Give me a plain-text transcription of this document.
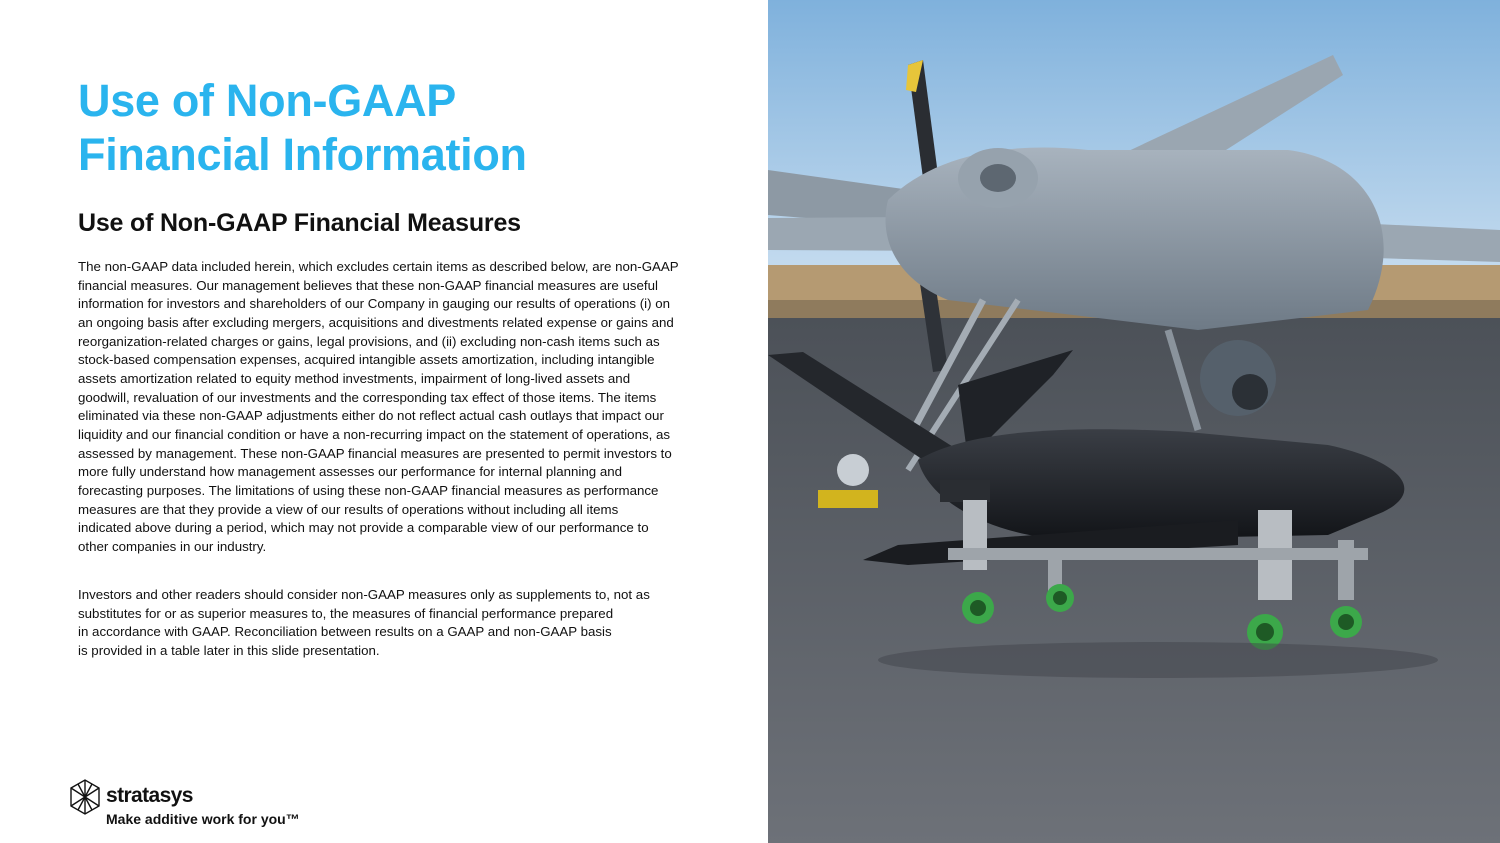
Use of Non-GAAP
Financial Information
Use of Non-GAAP Financial Measures

The non-GAAP data included herein, which excludes certain items as described below, are non-GAAP
financial measures. Our management believes that these non-GAAP financial measures are useful
information for investors and shareholders of our Company in gauging our results of operations (i) on
an ongoing basis after excluding mergers, acquisitions and divestments related expense or gains and
reorganization-related charges or gains, legal provisions, and (ii) excluding non-cash items such as
stock-based compensation expenses, acquired intangible assets amortization, including intangible
assets amortization related to equity method investments, impairment of long-lived assets and
goodwill, revaluation of our investments and the corresponding tax effect of those items. The items
eliminated via these non-GAAP adjustments either do not reflect actual cash outlays that impact our
liquidity and our financial condition or have a non-recurring impact on the statement of operations, as
assessed by management. These non-GAAP financial measures are presented to permit investors to
more fully understand how management assesses our performance for internal planning and
forecasting purposes. The limitations of using these non-GAAP financial measures as performance
measures are that they provide a view of our results of operations without including all items
indicated above during a period, which may not provide a comparable view of our performance to
other companies in our industry.

Investors and other readers should consider non-GAAP measures only as supplements to, not as
substitutes for or as superior measures to, the measures of financial performance prepared
in accordance with GAAP. Reconciliation between results on a GAAP and non-GAAP basis
is provided in a table later in this slide presentation.

stratasys
Make additive work for you™
